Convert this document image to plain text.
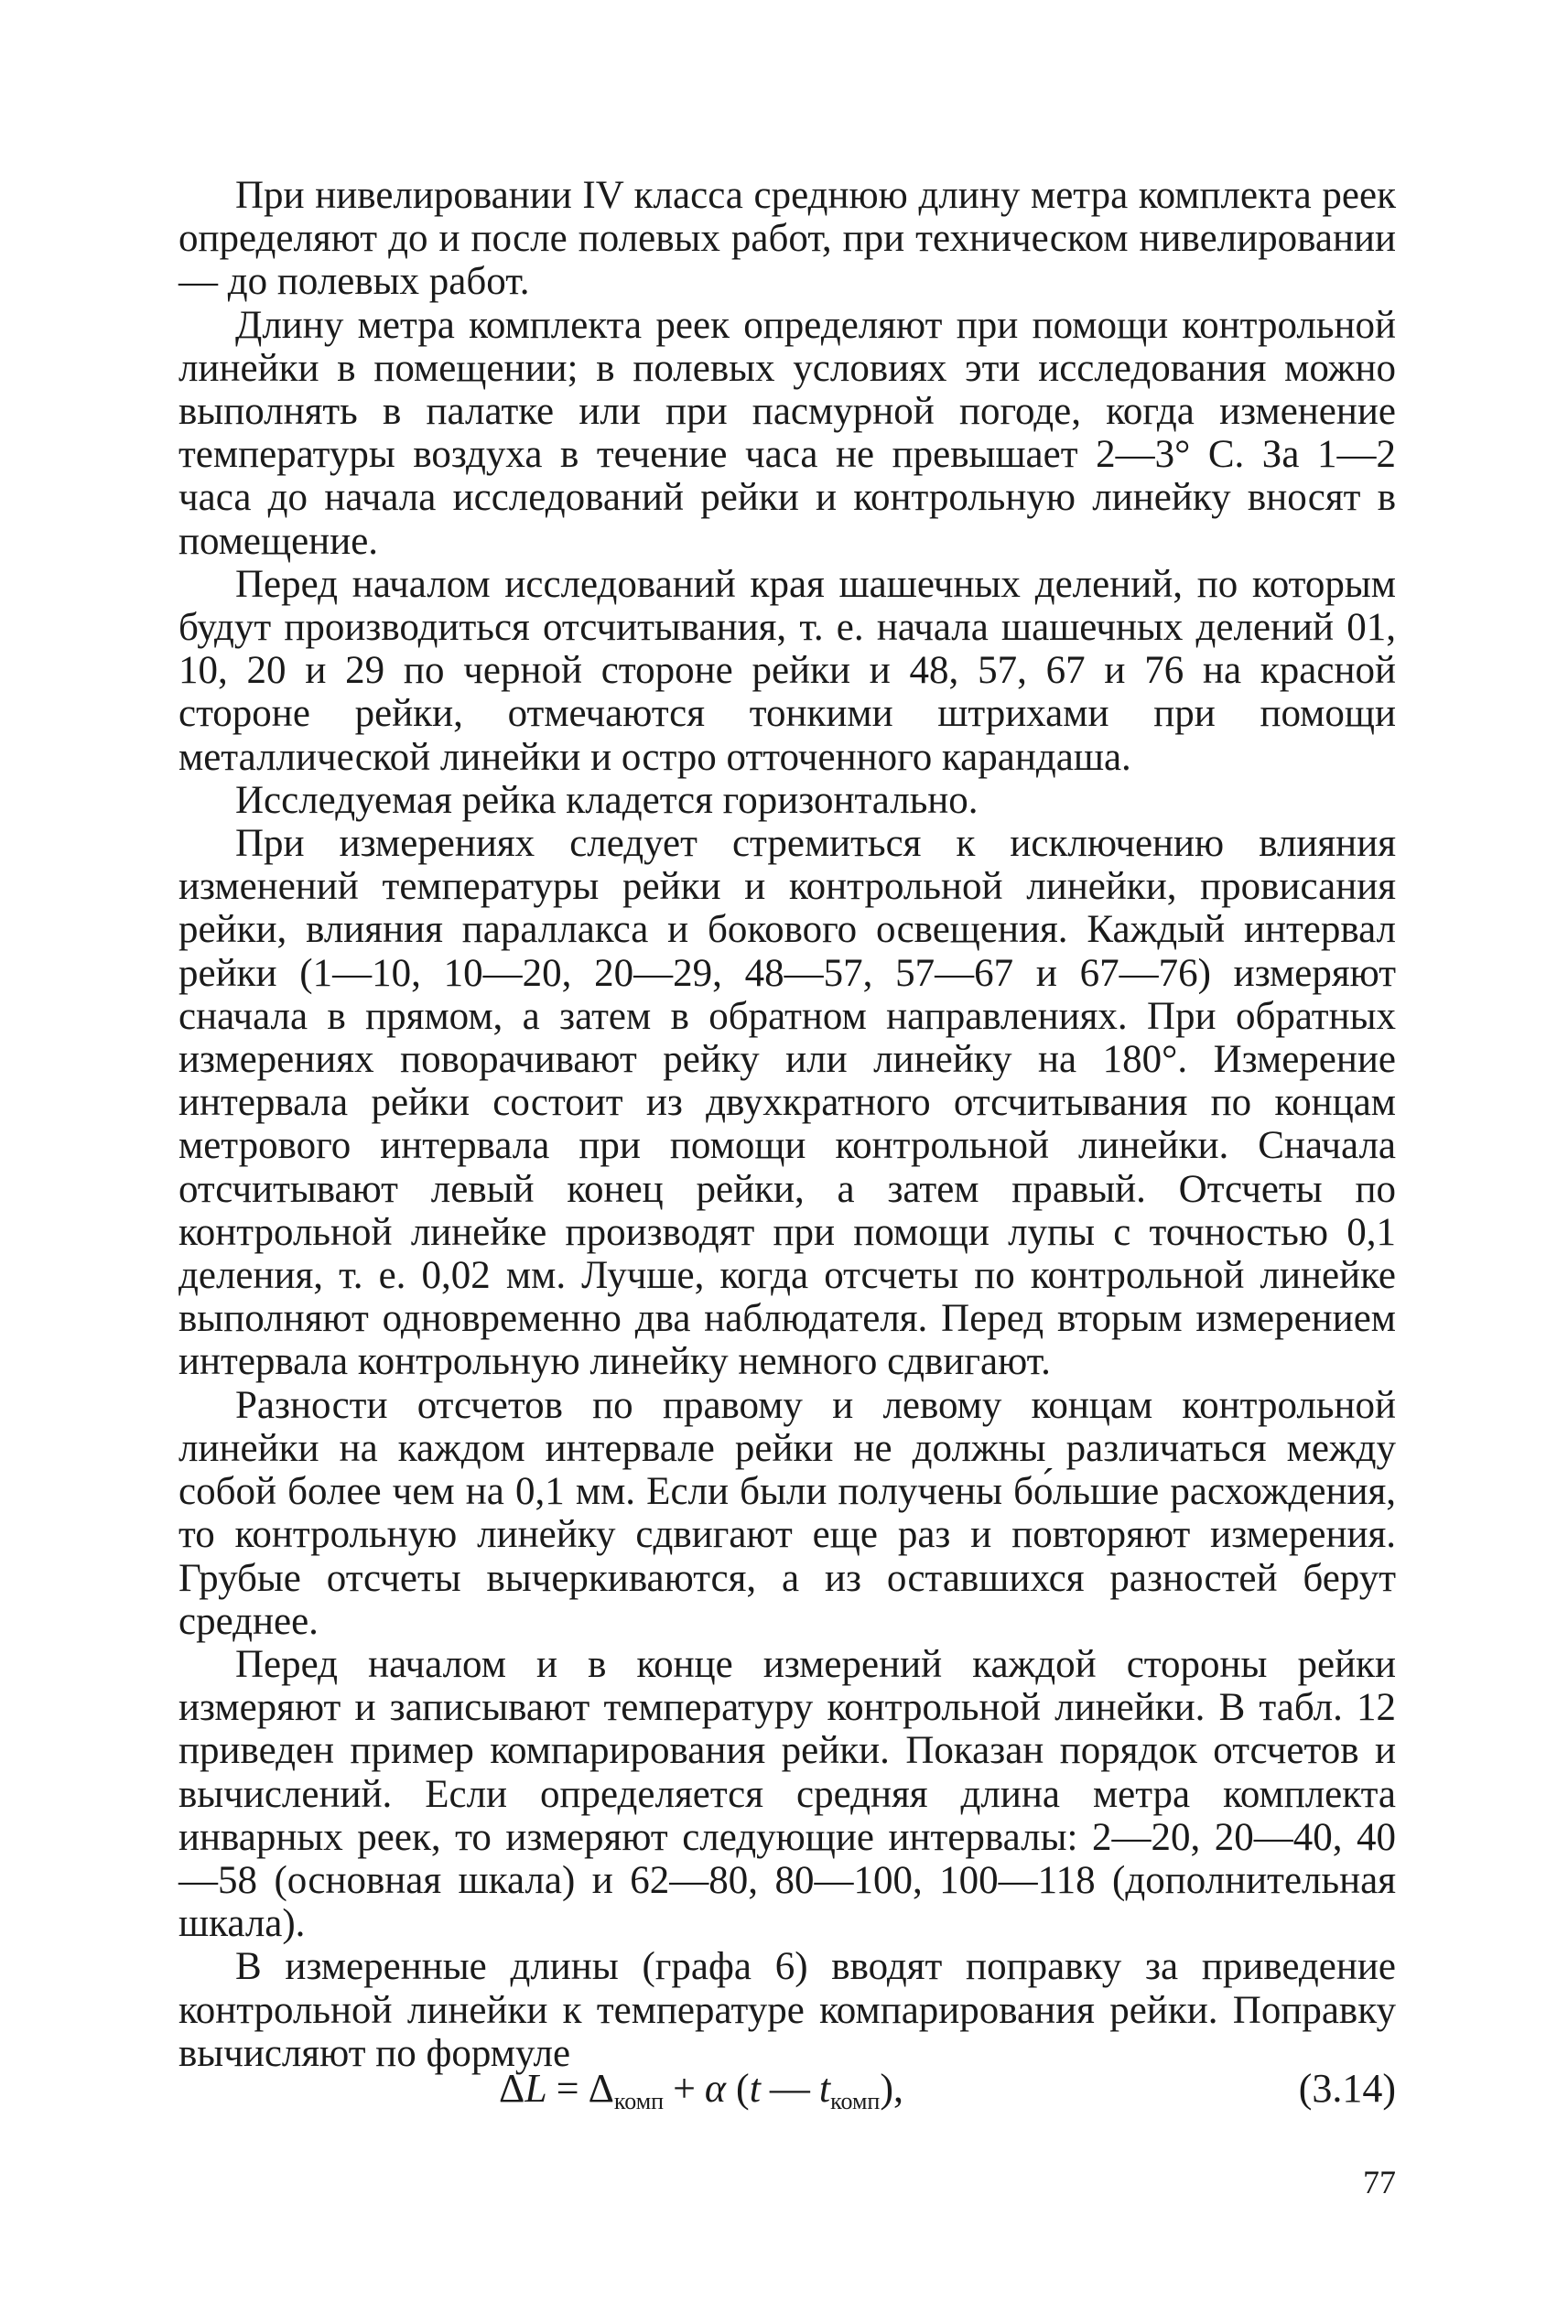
При нивелировании IV класса среднюю длину метра комплекта реек определяют до и после полевых работ, при техническом нивелировании — до полевых работ.

Длину метра комплекта реек определяют при помощи контрольной линейки в помещении; в полевых условиях эти исследования можно выполнять в палатке или при пасмурной погоде, когда изменение температуры воздуха в течение часа не превышает 2—3° С. За 1—2 часа до начала исследований рейки и контрольную линейку вносят в помещение.

Перед началом исследований края шашечных делений, по которым будут производиться отсчитывания, т. е. начала шашечных делений 01, 10, 20 и 29 по черной стороне рейки и 48, 57, 67 и 76 на красной стороне рейки, отмечаются тонкими штрихами при помощи металлической линейки и остро отточенного карандаша.

Исследуемая рейка кладется горизонтально.

При измерениях следует стремиться к исключению влияния изменений температуры рейки и контрольной линейки, провисания рейки, влияния параллакса и бокового освещения. Каждый интервал рейки (1—10, 10—20, 20—29, 48—57, 57—67 и 67—76) измеряют сначала в прямом, а затем в обратном направлениях. При обратных измерениях поворачивают рейку или линейку на 180°. Измерение интервала рейки состоит из двухкратного отсчитывания по концам метрового интервала при помощи контрольной линейки. Сначала отсчитывают левый конец рейки, а затем правый. Отсчеты по контрольной линейке производят при помощи лупы с точностью 0,1 деления, т. е. 0,02 мм. Лучше, когда отсчеты по контрольной линейке выполняют одновременно два наблюдателя. Перед вторым измерением интервала контрольную линейку немного сдвигают.

Разности отсчетов по правому и левому концам контрольной линейки на каждом интервале рейки не должны различаться между собой более чем на 0,1 мм. Если были получены бо́льшие расхождения, то контрольную линейку сдвигают еще раз и повторяют измерения. Грубые отсчеты вычеркиваются, а из оставшихся разностей берут среднее.

Перед началом и в конце измерений каждой стороны рейки измеряют и записывают температуру контрольной линейки. В табл. 12 приведен пример компарирования рейки. Показан порядок отсчетов и вычислений. Если определяется средняя длина метра комплекта инварных реек, то измеряют следующие интервалы: 2—20, 20—40, 40—58 (основная шкала) и 62—80, 80—100, 100—118 (дополнительная шкала).

В измеренные длины (графа 6) вводят поправку за приведение контрольной линейки к температуре компарирования рейки. Поправку вычисляют по формуле

$\Delta L = \Delta_{комп} + \alpha$ (t — $t_{комп}$),	(3.14)
77
